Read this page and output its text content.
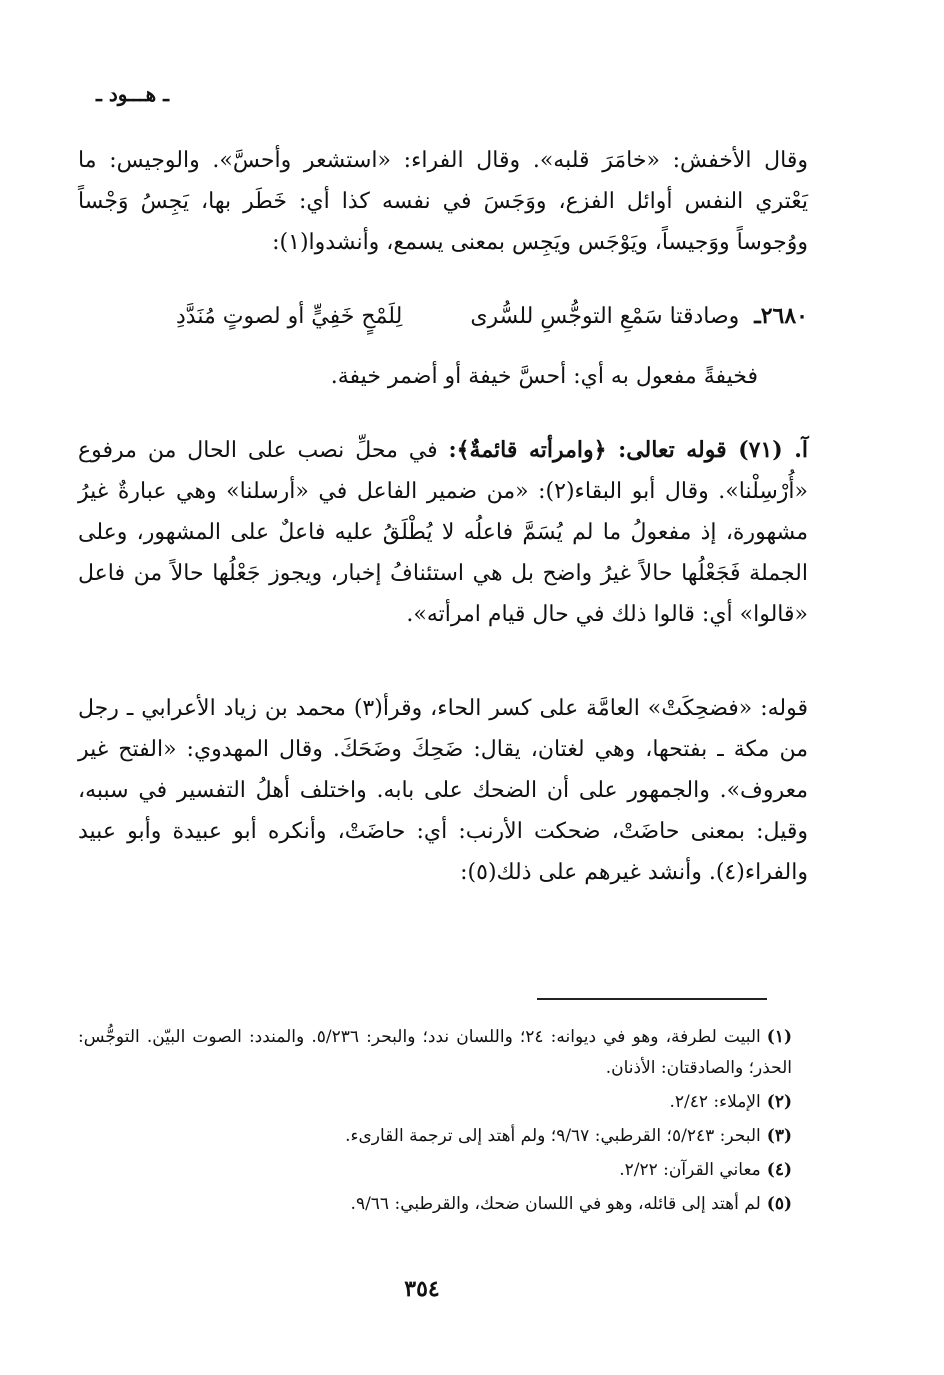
ـ هـــود ـ
وقال الأخفش: «خامَرَ قلبه». وقال الفراء: «استشعر وأحسَّ». والوجيس: ما يَعْتري النفس أوائل الفزع، ووَجَسَ في نفسه كذا أي: خَطَر بها، يَجِسُ وَجْساً ووُجوساً ووَجيساً، ويَوْجَس ويَجِس بمعنى يسمع، وأنشدوا(١):
٢٦٨٠ـ وصادقتا سَمْعِ التوجُّسِ للسُّرى لِلَمْحٍ خَفِيٍّ أو لصوتٍ مُنَدَّدِ
فخيفةً مفعول به أي: أحسَّ خيفة أو أضمر خيفة.
آ. (٧١) قوله تعالى: ﴿وامرأته قائمةٌ﴾: في محلِّ نصب على الحال من مرفوع «أُرْسِلْنا». وقال أبو البقاء(٢): «من ضمير الفاعل في «أرسلنا» وهي عبارةٌ غيرُ مشهورة، إذ مفعولُ ما لم يُسَمَّ فاعلُه لا يُطْلَقُ عليه فاعلٌ على المشهور، وعلى الجملة فَجَعْلُها حالاً غيرُ واضح بل هي استئنافُ إخبار، ويجوز جَعْلُها حالاً من فاعل «قالوا» أي: قالوا ذلك في حال قيام امرأته».
قوله: «فضحِكَتْ» العامَّة على كسر الحاء، وقرأ(٣) محمد بن زياد الأعرابي ـ رجل من مكة ـ بفتحها، وهي لغتان، يقال: ضَحِكَ وضَحَكَ. وقال المهدوي: «الفتح غير معروف». والجمهور على أن الضحك على بابه. واختلف أهلُ التفسير في سببه، وقيل: بمعنى حاضَتْ، ضحكت الأرنب: أي: حاضَتْ، وأنكره أبو عبيدة وأبو عبيد والفراء(٤). وأنشد غيرهم على ذلك(٥):

(١)البيت لطرفة، وهو في ديوانه: ٢٤؛ واللسان ندد؛ والبحر: ٥/٢٣٦. والمندد: الصوت البيّن. التوجُّس: الحذر؛ والصادقتان: الأذنان.

(٢)الإملاء: ٢/٤٢.

(٣)البحر: ٥/٢٤٣؛ القرطبي: ٩/٦٧؛ ولم أهتد إلى ترجمة القارىء.

(٤)معاني القرآن: ٢/٢٢.

(٥)لم أهتد إلى قائله، وهو في اللسان ضحك، والقرطبي: ٩/٦٦.

٣٥٤
